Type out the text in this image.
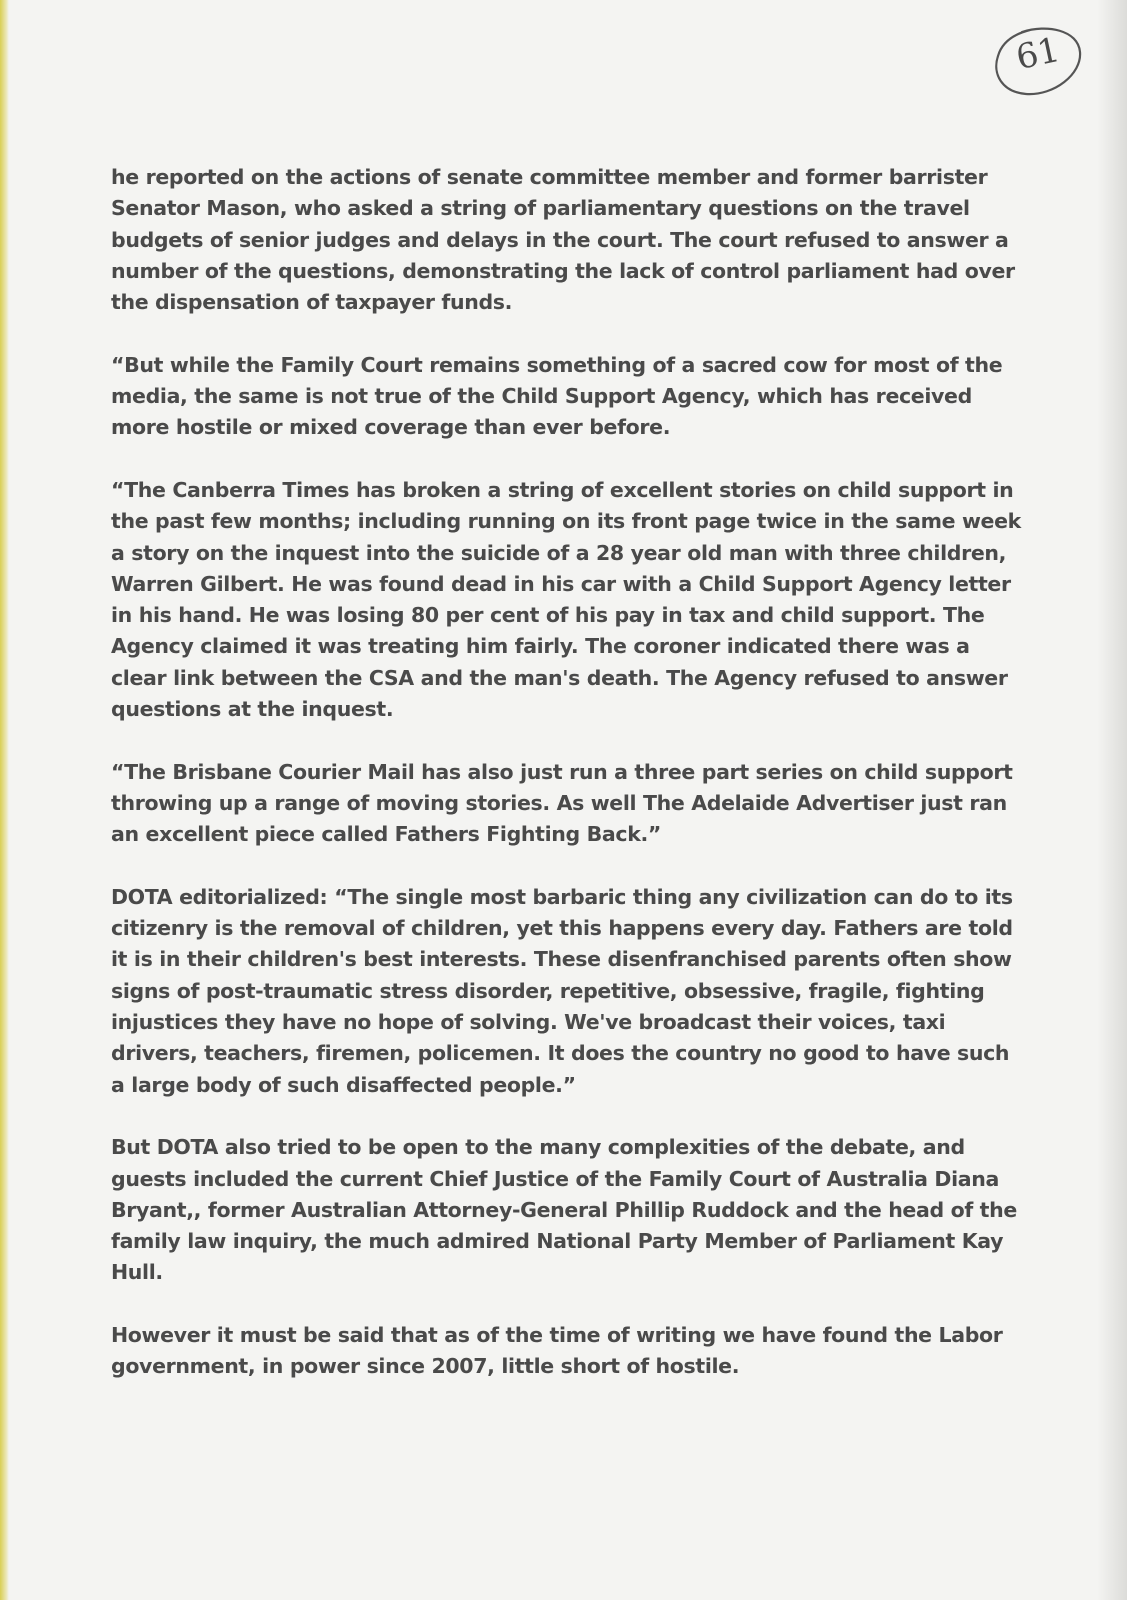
61

he reported on the actions of senate committee member and former barrister Senator Mason, who asked a string of parliamentary questions on the travel budgets of senior judges and delays in the court. The court refused to answer a number of the questions, demonstrating the lack of control parliament had over the dispensation of taxpayer funds.

“But while the Family Court remains something of a sacred cow for most of the media, the same is not true of the Child Support Agency, which has received more hostile or mixed coverage than ever before.

“The Canberra Times has broken a string of excellent stories on child support in the past few months; including running on its front page twice in the same week a story on the inquest into the suicide of a 28 year old man with three children, Warren Gilbert. He was found dead in his car with a Child Support Agency letter in his hand. He was losing 80 per cent of his pay in tax and child support. The Agency claimed it was treating him fairly. The coroner indicated there was a clear link between the CSA and the man's death. The Agency refused to answer questions at the inquest.

“The Brisbane Courier Mail has also just run a three part series on child support throwing up a range of moving stories. As well The Adelaide Advertiser just ran an excellent piece called Fathers Fighting Back.”

DOTA editorialized: “The single most barbaric thing any civilization can do to its citizenry is the removal of children, yet this happens every day. Fathers are told it is in their children's best interests. These disenfranchised parents often show signs of post-traumatic stress disorder, repetitive, obsessive, fragile, fighting injustices they have no hope of solving. We've broadcast their voices, taxi drivers, teachers, firemen, policemen. It does the country no good to have such a large body of such disaffected people.”

But DOTA also tried to be open to the many complexities of the debate, and guests included the current Chief Justice of the Family Court of Australia Diana Bryant,, former Australian Attorney-General Phillip Ruddock and the head of the family law inquiry, the much admired National Party Member of Parliament Kay Hull.

However it must be said that as of the time of writing we have found the Labor government, in power since 2007, little short of hostile.
